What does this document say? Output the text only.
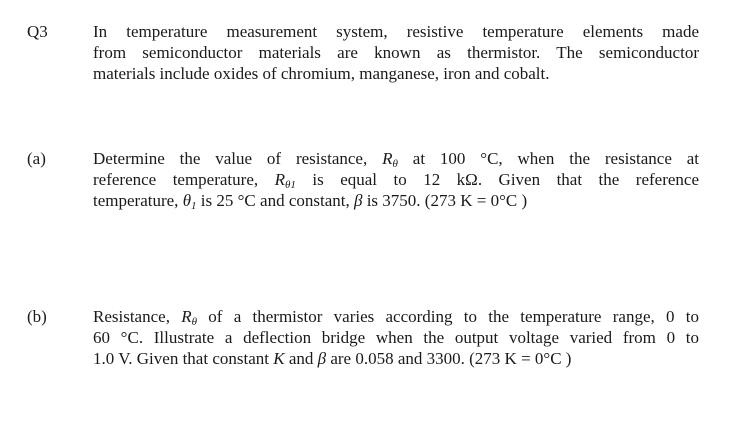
Q3	In temperature measurement system, resistive temperature elements made
from semiconductor materials are known as thermistor. The semiconductor
materials include oxides of chromium, manganese, iron and cobalt.
(a)	Determine the value of resistance, $R_\theta$ at 100 °C, when the resistance at
reference temperature, $R_{\theta 1}$ is equal to 12 kΩ. Given that the reference
temperature, $\theta_1$ is 25 °C and constant, β is 3750. (273 K = 0°C )
(b)	Resistance, $R_\theta$ of a thermistor varies according to the temperature range, 0 to
60 °C. Illustrate a deflection bridge when the output voltage varied from 0 to
1.0 V. Given that constant K and β are 0.058 and 3300. (273 K = 0°C )
